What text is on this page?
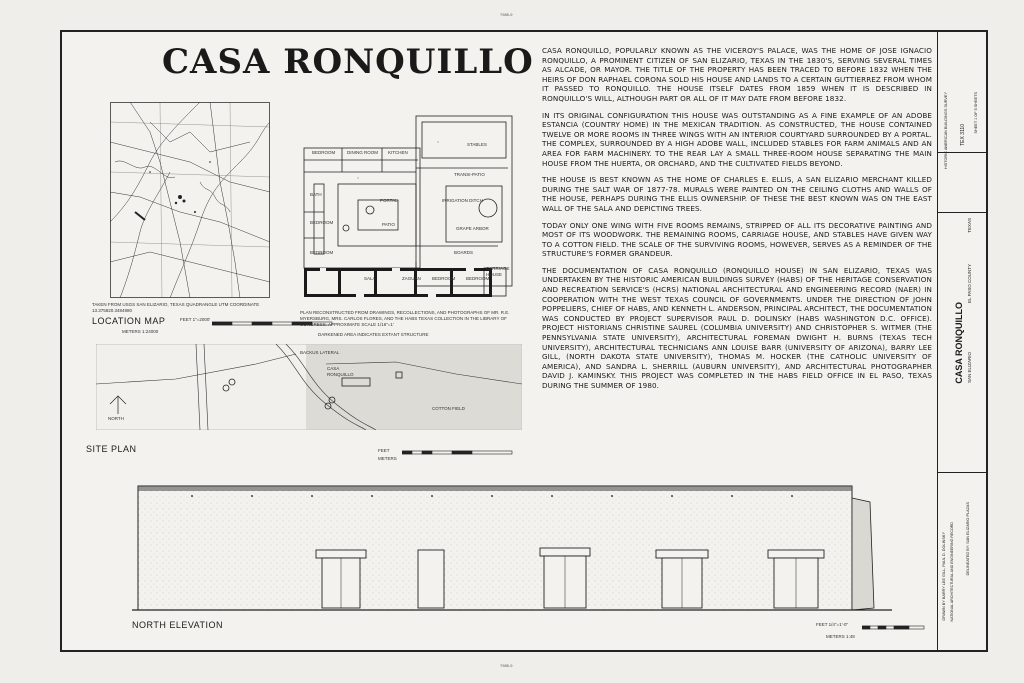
7985-9
7985-9
CASA RONQUILLO
TAKEN FROM USGS SAN ELIZARIO, TEXAS QUADRANGLE UTM COORDINATE 13.375820.3484980
LOCATION MAP	FEET 1"=2000'
METERS 1:24000
BEDROOM	DINING ROOM KITCHEN
STABLES
TRANSI-PATIO
BATH
PORTAL	IRRIGATION DITCH
BEDROOM	PATIO
GRAPE ARBOR
BEDROOM
SALA	ZAGUAN BEDROOM BEDROOM
CARRIAGE HOUSE
BOARDS
PLAN RECONSTRUCTED FROM DRAWINGS, RECOLLECTIONS, AND PHOTOGRAPHS OF MR. R.E. MYERSBURG, MRS. CARLOS FLORES, AND THE HABS TEXAS COLLECTION IN THE LIBRARY OF CONGRESS. APPROXIMATE SCALE 1/16"=1'
DARKENED AREA INDICATES EXTANT STRUCTURE
BACKUS LATERAL
CASA RONQUILLO
COTTON FIELD
NORTH
SITE PLAN	FEET
METERS

CASA RONQUILLO, POPULARLY KNOWN AS THE VICEROY'S PALACE, WAS THE HOME OF JOSE IGNACIO RONQUILLO, A PROMINENT CITIZEN OF SAN ELIZARIO, TEXAS IN THE 1830'S, SERVING SEVERAL TIMES AS ALCADE, OR MAYOR. THE TITLE OF THE PROPERTY HAS BEEN TRACED TO BEFORE 1832 WHEN THE HEIRS OF DON RAPHAEL CORONA SOLD HIS HOUSE AND LANDS TO A CERTAIN GUTTIERREZ FROM WHOM IT PASSED TO RONQUILLO. THE HOUSE ITSELF DATES FROM 1859 WHEN IT IS DESCRIBED IN RONQUILLO'S WILL, ALTHOUGH PART OR ALL OF IT MAY DATE FROM BEFORE 1832.

IN ITS ORIGINAL CONFIGURATION THIS HOUSE WAS OUTSTANDING AS A FINE EXAMPLE OF AN ADOBE ESTANCIA (COUNTRY HOME) IN THE MEXICAN TRADITION. AS CONSTRUCTED, THE HOUSE CONTAINED TWELVE OR MORE ROOMS IN THREE WINGS WITH AN INTERIOR COURTYARD SURROUNDED BY A PORTAL. THE COMPLEX, SURROUNDED BY A HIGH ADOBE WALL, INCLUDED STABLES FOR FARM ANIMALS AND AN AREA FOR FARM MACHINERY. TO THE REAR LAY A SMALL THREE-ROOM HOUSE SEPARATING THE MAIN HOUSE FROM THE HUERTA, OR ORCHARD, AND THE CULTIVATED FIELDS BEYOND.

THE HOUSE IS BEST KNOWN AS THE HOME OF CHARLES E. ELLIS, A SAN ELIZARIO MERCHANT KILLED DURING THE SALT WAR OF 1877-78. MURALS WERE PAINTED ON THE CEILING CLOTHS AND WALLS OF THE HOUSE, PERHAPS DURING THE ELLIS OWNERSHIP. OF THESE THE BEST KNOWN WAS ON THE EAST WALL OF THE SALA AND DEPICTING TREES.

TODAY ONLY ONE WING WITH FIVE ROOMS REMAINS, STRIPPED OF ALL ITS DECORATIVE PAINTING AND MOST OF ITS WOODWORK. THE REMAINING ROOMS, CARRIAGE HOUSE, AND STABLES HAVE GIVEN WAY TO A COTTON FIELD. THE SCALE OF THE SURVIVING ROOMS, HOWEVER, SERVES AS A REMINDER OF THE STRUCTURE'S FORMER GRANDEUR.

THE DOCUMENTATION OF CASA RONQUILLO (RONQUILLO HOUSE) IN SAN ELIZARIO, TEXAS WAS UNDERTAKEN BY THE HISTORIC AMERICAN BUILDINGS SURVEY (HABS) OF THE HERITAGE CONSERVATION AND RECREATION SERVICE'S (HCRS) NATIONAL ARCHITECTURAL AND ENGINEERING RECORD (NAER) IN COOPERATION WITH THE WEST TEXAS COUNCIL OF GOVERNMENTS. UNDER THE DIRECTION OF JOHN POPPELIERS, CHIEF OF HABS, AND KENNETH L. ANDERSON, PRINCIPAL ARCHITECT, THE DOCUMENTATION WAS CONDUCTED BY PROJECT SUPERVISOR PAUL D. DOLINSKY (HABS WASHINGTON D.C. OFFICE). PROJECT HISTORIANS CHRISTINE SAUREL (COLUMBIA UNIVERSITY) AND CHRISTOPHER S. WITMER (THE PENNSYLVANIA STATE UNIVERSITY), ARCHITECTURAL FOREMAN DWIGHT H. BURNS (TEXAS TECH UNIVERSITY), ARCHITECTURAL TECHNICIANS ANN LOUISE BARR (UNIVERSITY OF ARIZONA), BARRY LEE GILL, (NORTH DAKOTA STATE UNIVERSITY), THOMAS M. HOCKER (THE CATHOLIC UNIVERSITY OF AMERICA), AND SANDRA L. SHERRILL (AUBURN UNIVERSITY), AND ARCHITECTURAL PHOTOGRAPHER DAVID J. KAMINSKY. THIS PROJECT WAS COMPLETED IN THE HABS FIELD OFFICE IN EL PASO, TEXAS DURING THE SUMMER OF 1980.

NORTH ELEVATION	FEET 1/4"=1'-0"
METERS 1:48
CASA RONQUILLO SAN ELIZARIO
EL PASO COUNTY
TEXAS
HISTORIC AMERICAN BUILDINGS SURVEY TEX 3110
SHEET 1 OF 5 SHEETS
DRAWN BY BARRY LEE GILL, PAUL D. DOLINSKY NATIONAL ARCHITECTURAL AND ENGINEERING RECORD	DELINEATED BY: SAN ELIZARIO PLAZAS
